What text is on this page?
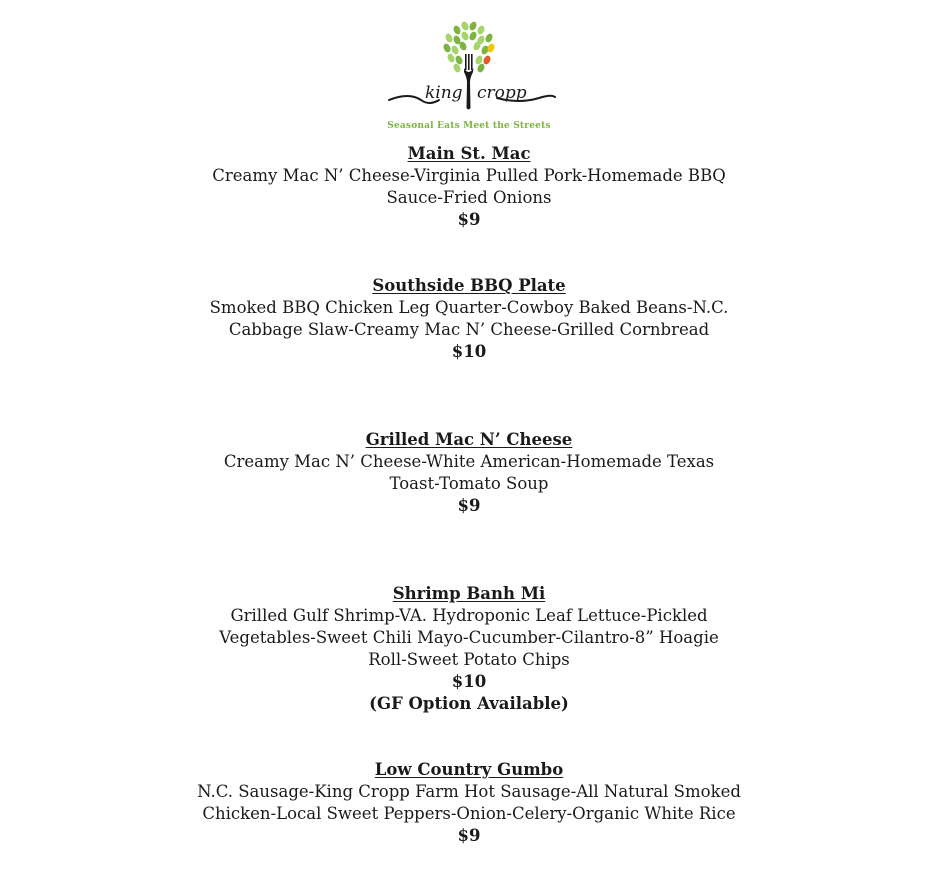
king cropp
Seasonal Eats Meet the Streets
Main St. Mac
Creamy Mac N’ Cheese-Virginia Pulled Pork-Homemade BBQ
Sauce-Fried Onions
$9
Southside BBQ Plate
Smoked BBQ Chicken Leg Quarter-Cowboy Baked Beans-N.C.
Cabbage Slaw-Creamy Mac N’ Cheese-Grilled Cornbread
$10
Grilled Mac N’ Cheese
Creamy Mac N’ Cheese-White American-Homemade Texas
Toast-Tomato Soup
$9
Shrimp Banh Mi
Grilled Gulf Shrimp-VA. Hydroponic Leaf Lettuce-Pickled
Vegetables-Sweet Chili Mayo-Cucumber-Cilantro-8” Hoagie
Roll-Sweet Potato Chips
$10
(GF Option Available)
Low Country Gumbo
N.C. Sausage-King Cropp Farm Hot Sausage-All Natural Smoked
Chicken-Local Sweet Peppers-Onion-Celery-Organic White Rice
$9
